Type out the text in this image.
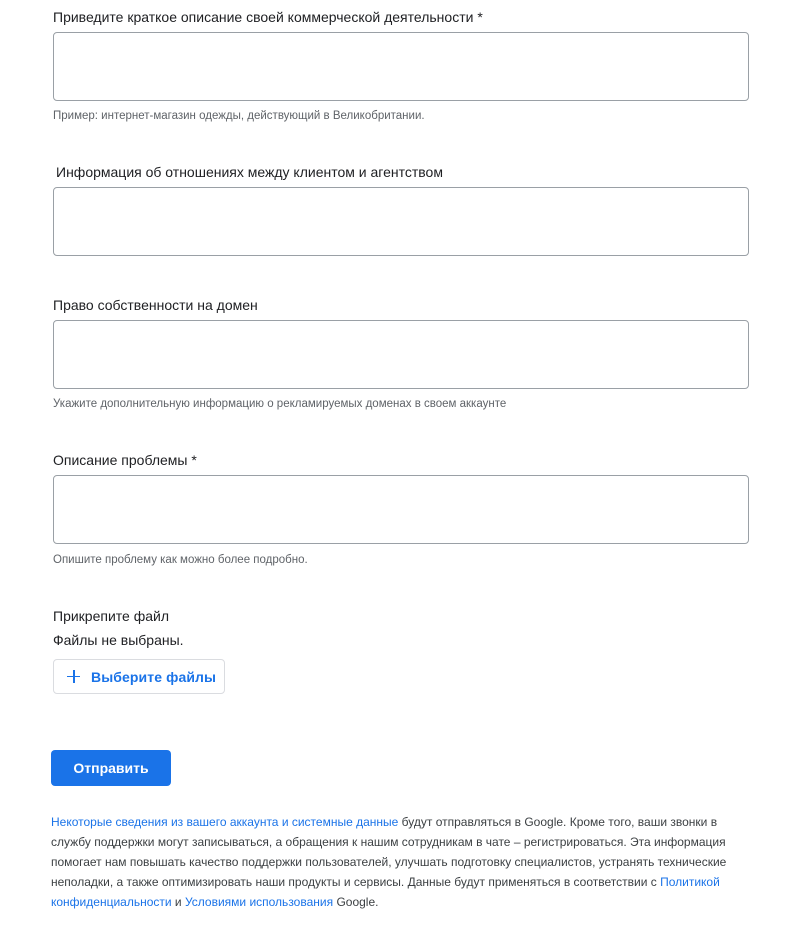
Приведите краткое описание своей коммерческой деятельности *
Пример: интернет-магазин одежды, действующий в Великобритании.
Информация об отношениях между клиентом и агентством
Право собственности на домен
Укажите дополнительную информацию о рекламируемых доменах в своем аккаунте
Описание проблемы *
Опишите проблему как можно более подробно.
Прикрепите файл
Файлы не выбраны.
Выберите файлы
Отправить
Некоторые сведения из вашего аккаунта и системные данные будут отправляться в Google. Кроме того, ваши звонки в службу поддержки могут записываться, а обращения к нашим сотрудникам в чате – регистрироваться. Эта информация помогает нам повышать качество поддержки пользователей, улучшать подготовку специалистов, устранять технические неполадки, а также оптимизировать наши продукты и сервисы. Данные будут применяться в соответствии с Политикой конфиденциальности и Условиями использования Google.
